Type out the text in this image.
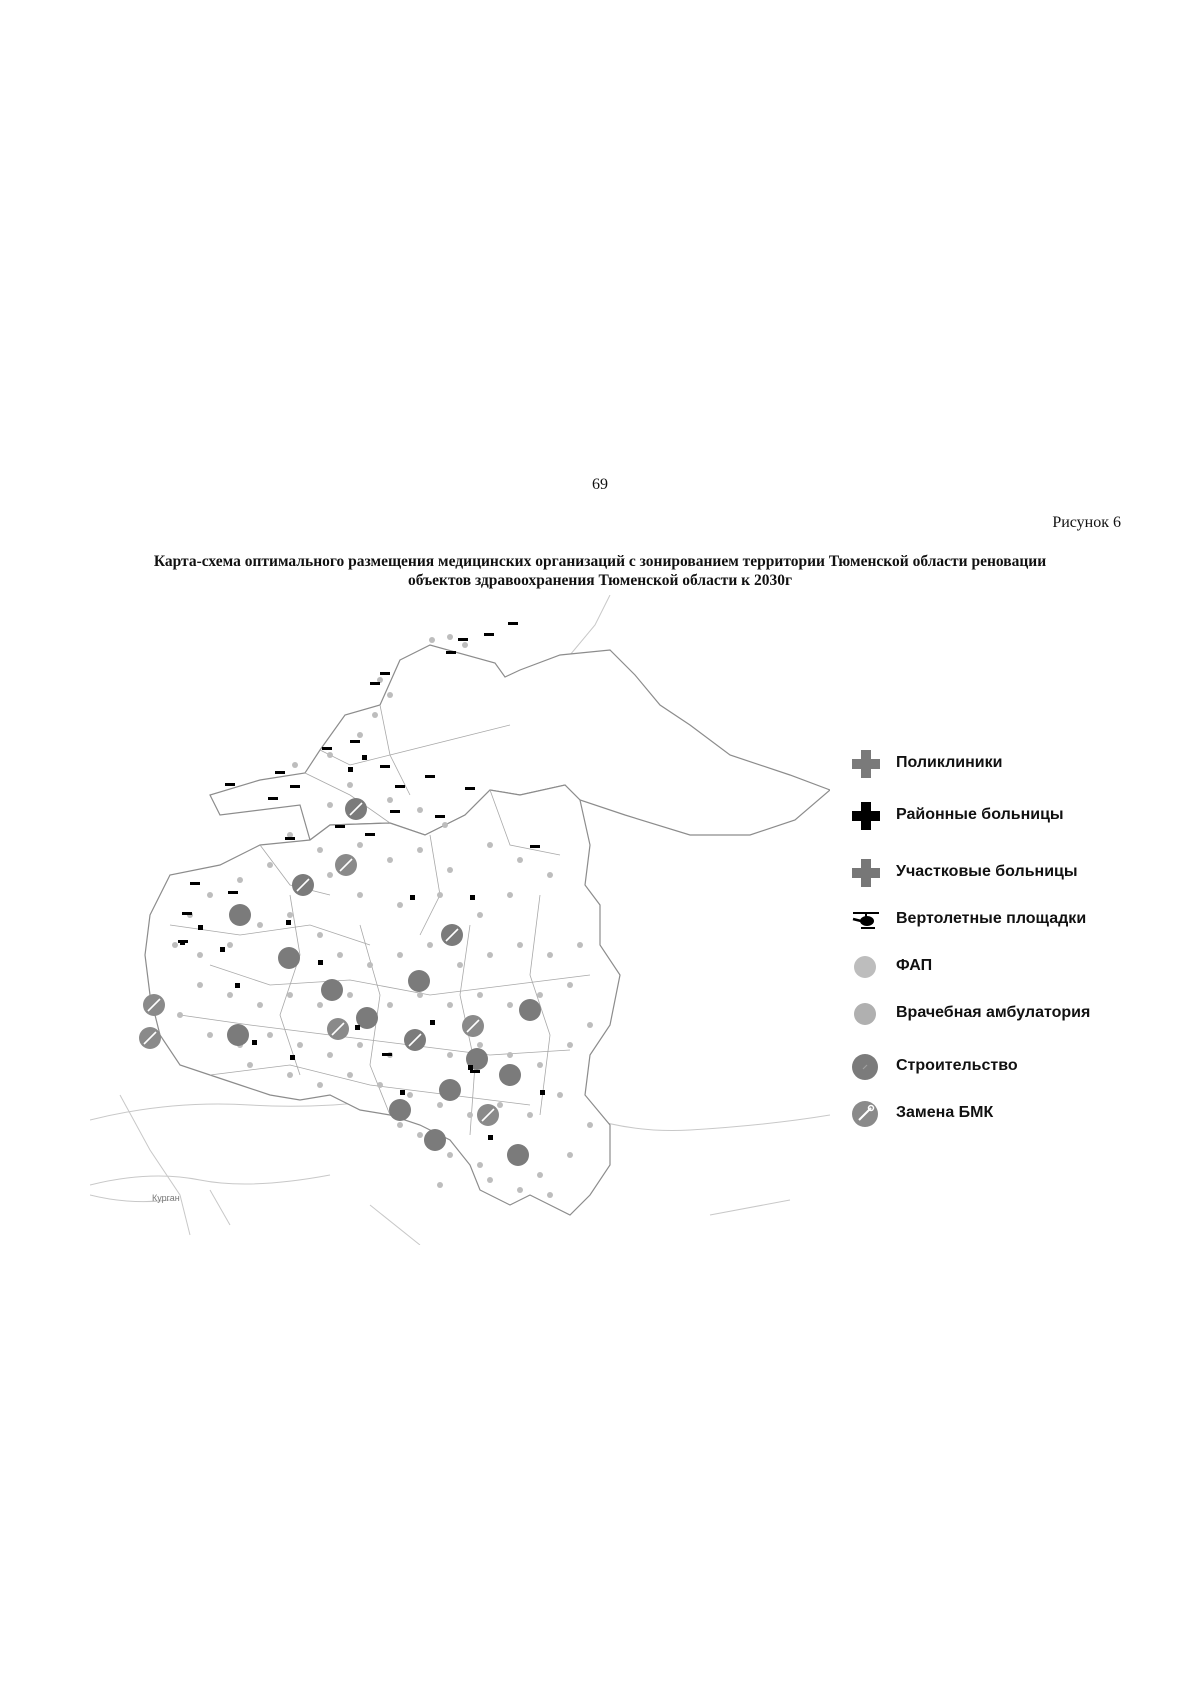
69
Рисунок 6
Карта-схема оптимального размещения медицинских организаций с зонированием территории Тюменской области реновации
объектов здравоохранения Тюменской области к 2030г
Курган
Поликлиники
Районные больницы
Участковые больницы
Вертолетные площадки
ФАП
Врачебная амбулатория
Строительство
Замена БМК
